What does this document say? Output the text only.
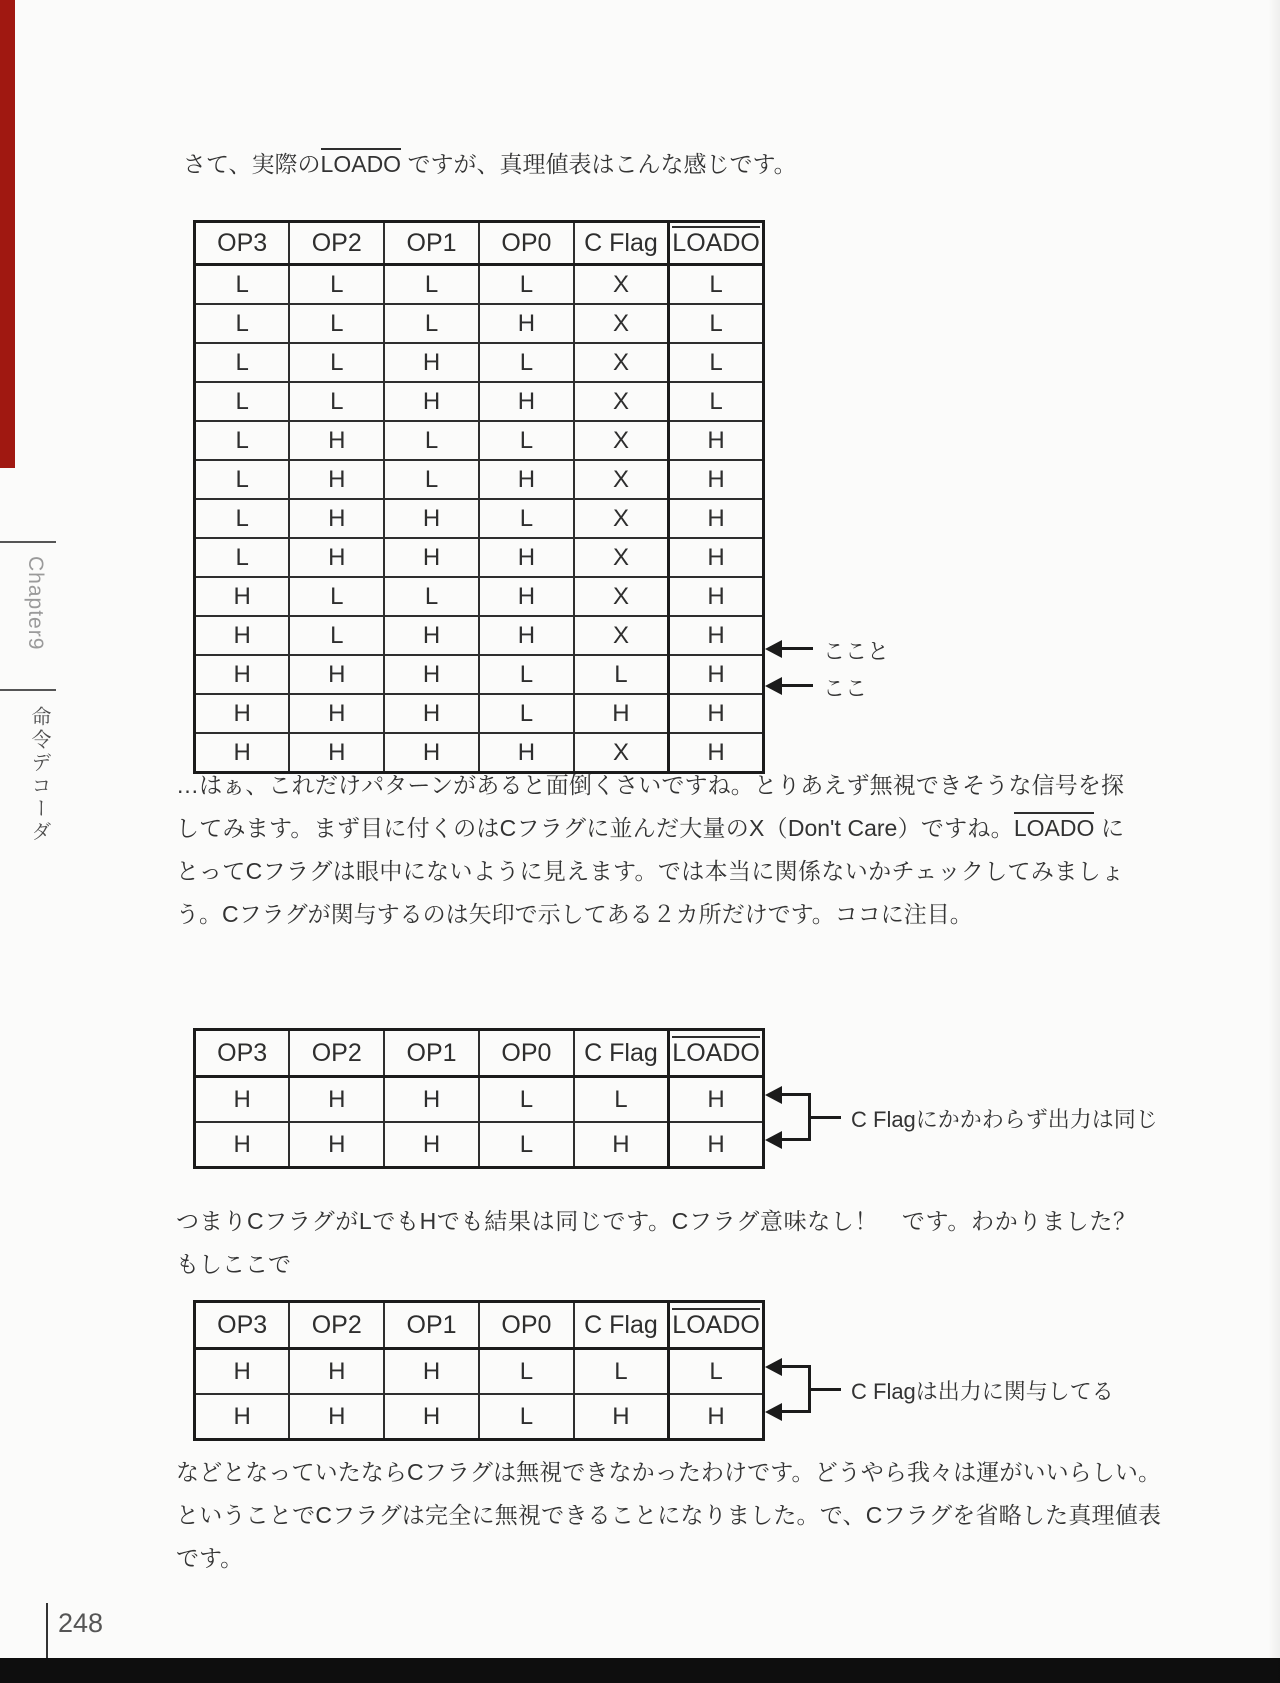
Chapter9
命令デコーダ

さて、実際のLOADO ですが、真理値表はこんな感じです。

OP3	OP2	OP1	OP0	C Flag	LOADO
L	L	L	L	X	L
L	L	L	H	X	L
L	L	H	L	X	L
L	L	H	H	X	L
L	H	L	L	X	H
L	H	L	H	X	H
L	H	H	L	X	H
L	H	H	H	X	H
H	L	L	H	X	H
H	L	H	H	X	H
H	H	H	L	L	H
H	H	H	L	H	H
H	H	H	H	X	H
ここと
ここ

…はぁ、これだけパターンがあると面倒くさいですね。とりあえず無視できそうな信号を探してみます。まず目に付くのはCフラグに並んだ大量のX（Don't Care）ですね。LOADO にとってCフラグは眼中にないように見えます。では本当に関係ないかチェックしてみましょう。Cフラグが関与するのは矢印で示してある２カ所だけです。ココに注目。

OP3	OP2	OP1	OP0	C Flag	LOADO
H	H	H	L	L	H
H	H	H	L	H	H
C Flagにかかわらず出力は同じ

つまりCフラグがLでもHでも結果は同じです。Cフラグ意味なし！　です。わかりました？　もしここで

OP3	OP2	OP1	OP0	C Flag	LOADO
H	H	H	L	L	L
H	H	H	L	H	H
C Flagは出力に関与してる

などとなっていたならCフラグは無視できなかったわけです。どうやら我々は運がいいらしい。ということでCフラグは完全に無視できることになりました。で、Cフラグを省略した真理値表です。

248
